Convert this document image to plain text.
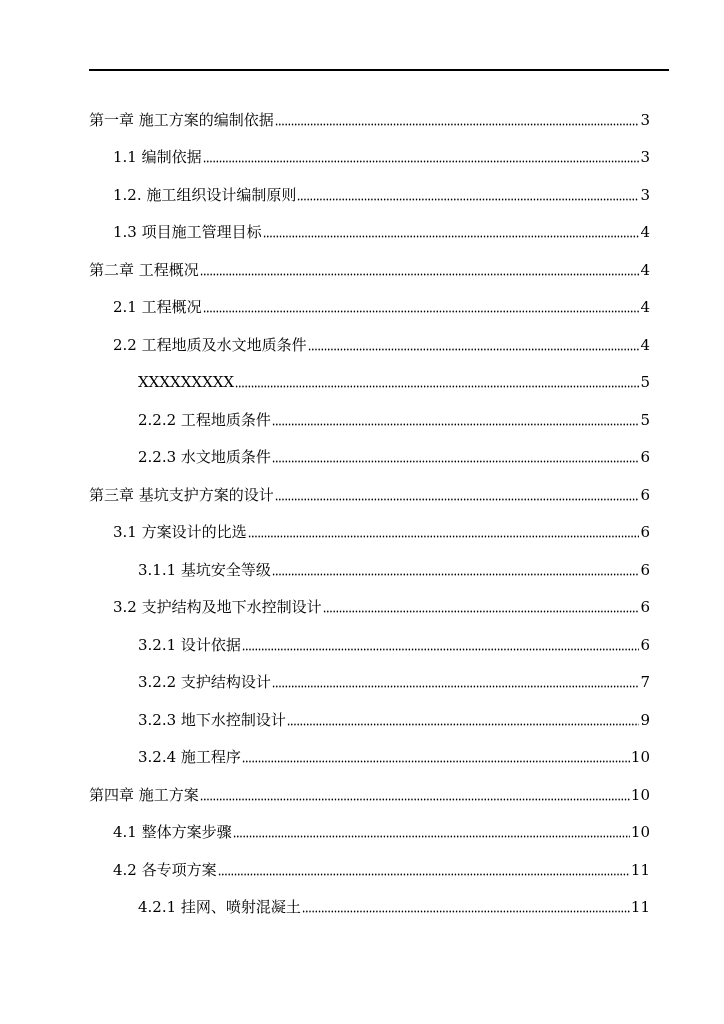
第一章 施工方案的编制依据	3
1.1 编制依据	3
1.2. 施工组织设计编制原则	3
1.3 项目施工管理目标	4
第二章 工程概况	4
2.1 工程概况	4
2.2 工程地质及水文地质条件	4
XXXXXXXXX	5
2.2.2 工程地质条件	5
2.2.3 水文地质条件	6
第三章 基坑支护方案的设计	6
3.1 方案设计的比选	6
3.1.1 基坑安全等级	6
3.2 支护结构及地下水控制设计	6
3.2.1 设计依据	6
3.2.2 支护结构设计	7
3.2.3 地下水控制设计	9
3.2.4 施工程序	10
第四章 施工方案	10
4.1 整体方案步骤	10
4.2 各专项方案	11
4.2.1 挂网、喷射混凝土	11
